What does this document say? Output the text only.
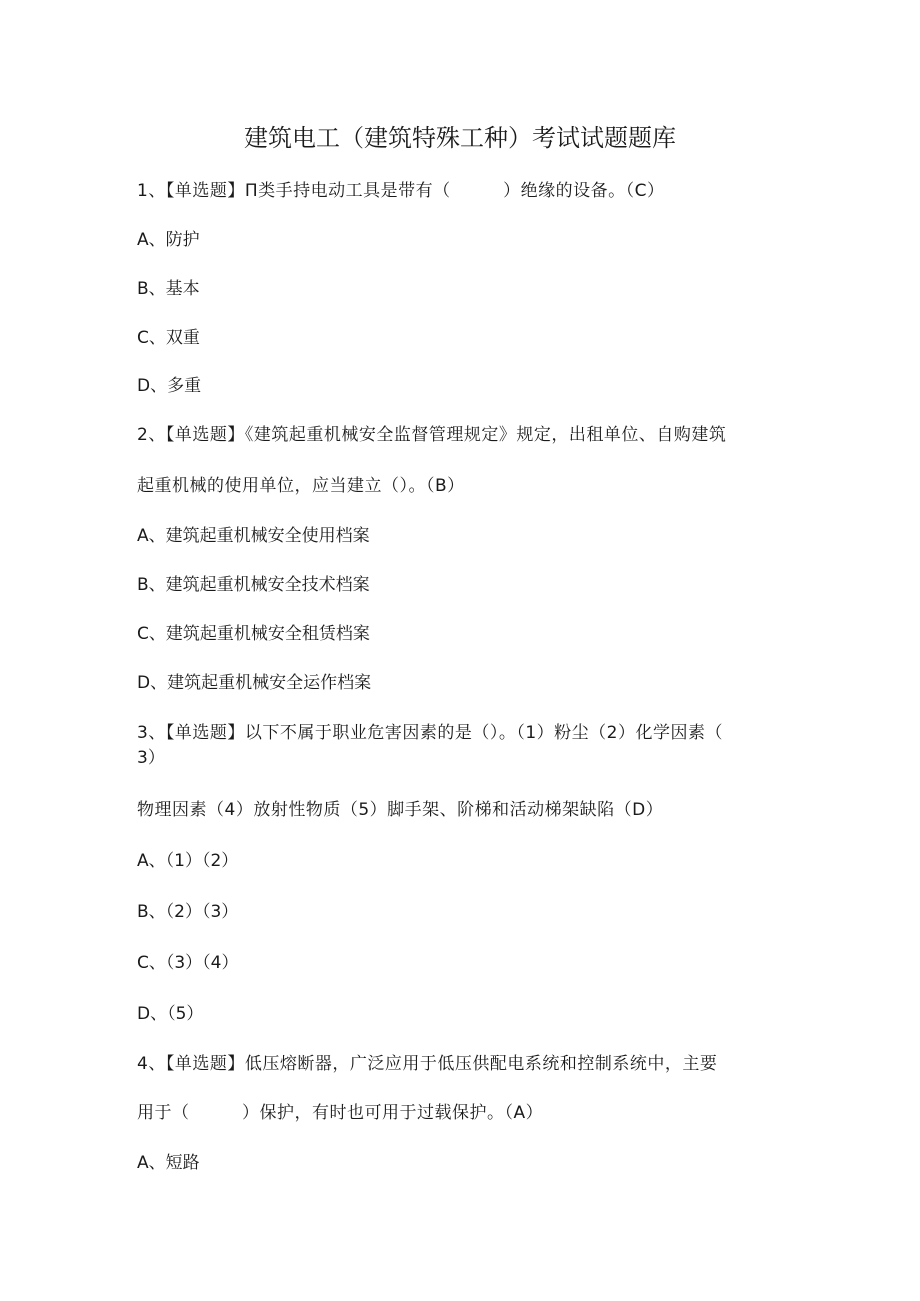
建筑电工（建筑特殊工种）考试试题题库
1、【单选题】Π类手持电动工具是带有（　　　）绝缘的设备。（C）
A、防护
B、基本
C、双重
D、多重
2、【单选题】《建筑起重机械安全监督管理规定》规定，出租单位、自购建筑
起重机械的使用单位，应当建立（）。（B）
A、建筑起重机械安全使用档案
B、建筑起重机械安全技术档案
C、建筑起重机械安全租赁档案
D、建筑起重机械安全运作档案
3、【单选题】以下不属于职业危害因素的是（）。（1）粉尘（2）化学因素（
3）
物理因素（4）放射性物质（5）脚手架、阶梯和活动梯架缺陷（D）
A、（1）（2）
B、（2）（3）
C、（3）（4）
D、（5）
4、【单选题】低压熔断器，广泛应用于低压供配电系统和控制系统中，主要
用于（　　　）保护，有时也可用于过载保护。（A）
A、短路
